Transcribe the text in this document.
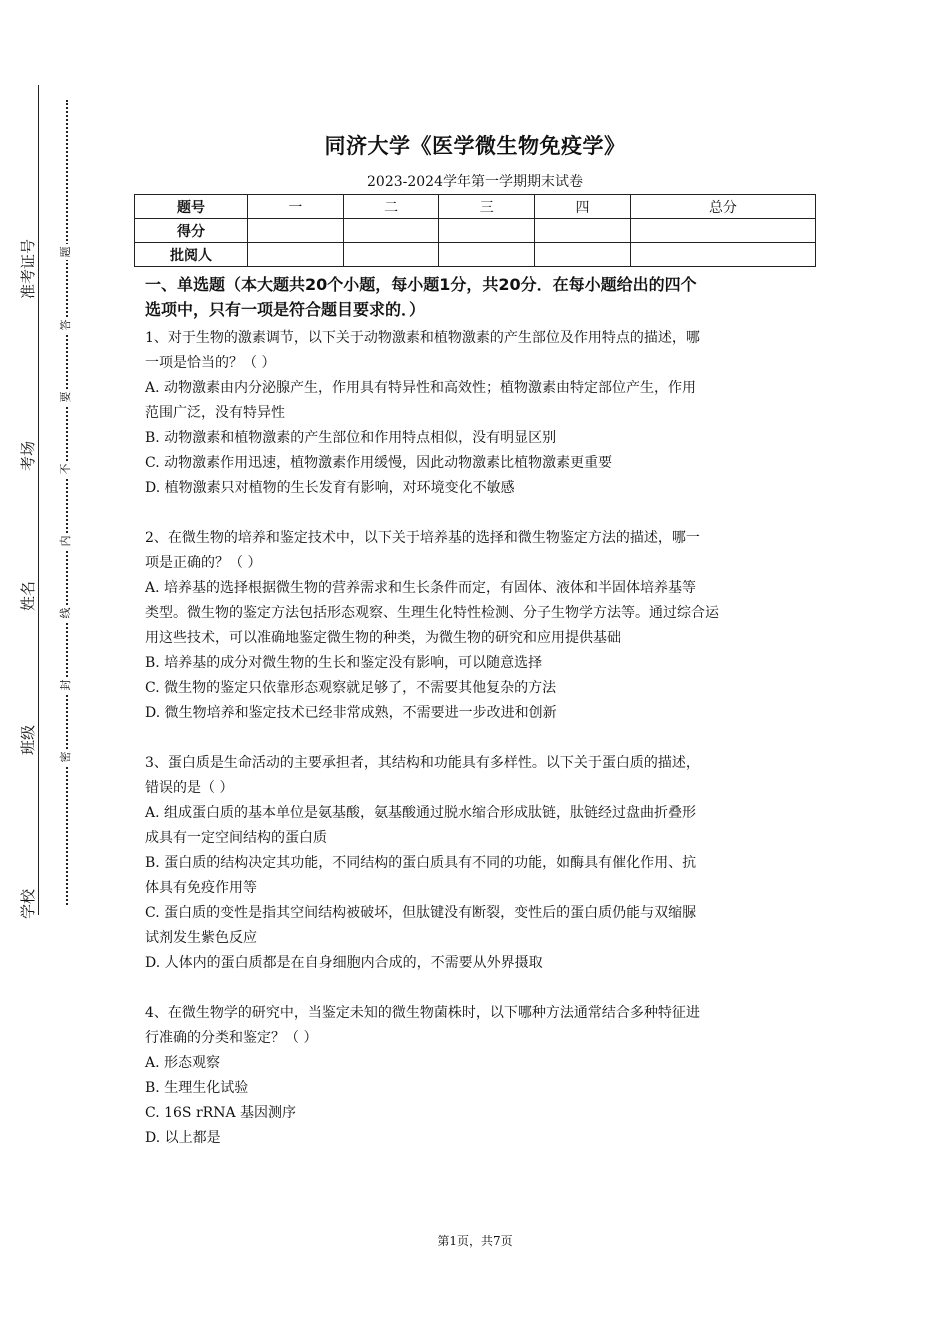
准考证号
考场
姓名
班级
学校
题
答
要
不
内
线
封
密
同济大学《医学微生物免疫学》
2023-2024学年第一学期期末试卷
题号	一	二	三	四	总分
得分					
批阅人					
一、单选题（本大题共20个小题，每小题1分，共20分．在每小题给出的四个
选项中，只有一项是符合题目要求的．）
1、对于生物的激素调节，以下关于动物激素和植物激素的产生部位及作用特点的描述，哪
一项是恰当的？（ ）
A. 动物激素由内分泌腺产生，作用具有特异性和高效性；植物激素由特定部位产生，作用
范围广泛，没有特异性
B. 动物激素和植物激素的产生部位和作用特点相似，没有明显区别
C. 动物激素作用迅速，植物激素作用缓慢，因此动物激素比植物激素更重要
D. 植物激素只对植物的生长发育有影响，对环境变化不敏感
2、在微生物的培养和鉴定技术中，以下关于培养基的选择和微生物鉴定方法的描述，哪一
项是正确的？（ ）
A. 培养基的选择根据微生物的营养需求和生长条件而定，有固体、液体和半固体培养基等
类型。微生物的鉴定方法包括形态观察、生理生化特性检测、分子生物学方法等。通过综合运
用这些技术，可以准确地鉴定微生物的种类，为微生物的研究和应用提供基础
B. 培养基的成分对微生物的生长和鉴定没有影响，可以随意选择
C. 微生物的鉴定只依靠形态观察就足够了，不需要其他复杂的方法
D. 微生物培养和鉴定技术已经非常成熟，不需要进一步改进和创新
3、蛋白质是生命活动的主要承担者，其结构和功能具有多样性。以下关于蛋白质的描述，
错误的是（ ）
A. 组成蛋白质的基本单位是氨基酸，氨基酸通过脱水缩合形成肽链，肽链经过盘曲折叠形
成具有一定空间结构的蛋白质
B. 蛋白质的结构决定其功能，不同结构的蛋白质具有不同的功能，如酶具有催化作用、抗
体具有免疫作用等
C. 蛋白质的变性是指其空间结构被破坏，但肽键没有断裂，变性后的蛋白质仍能与双缩脲
试剂发生紫色反应
D. 人体内的蛋白质都是在自身细胞内合成的，不需要从外界摄取
4、在微生物学的研究中，当鉴定未知的微生物菌株时，以下哪种方法通常结合多种特征进
行准确的分类和鉴定？（ ）
A. 形态观察
B. 生理生化试验
C. 16S rRNA 基因测序
D. 以上都是
第1页，共7页
